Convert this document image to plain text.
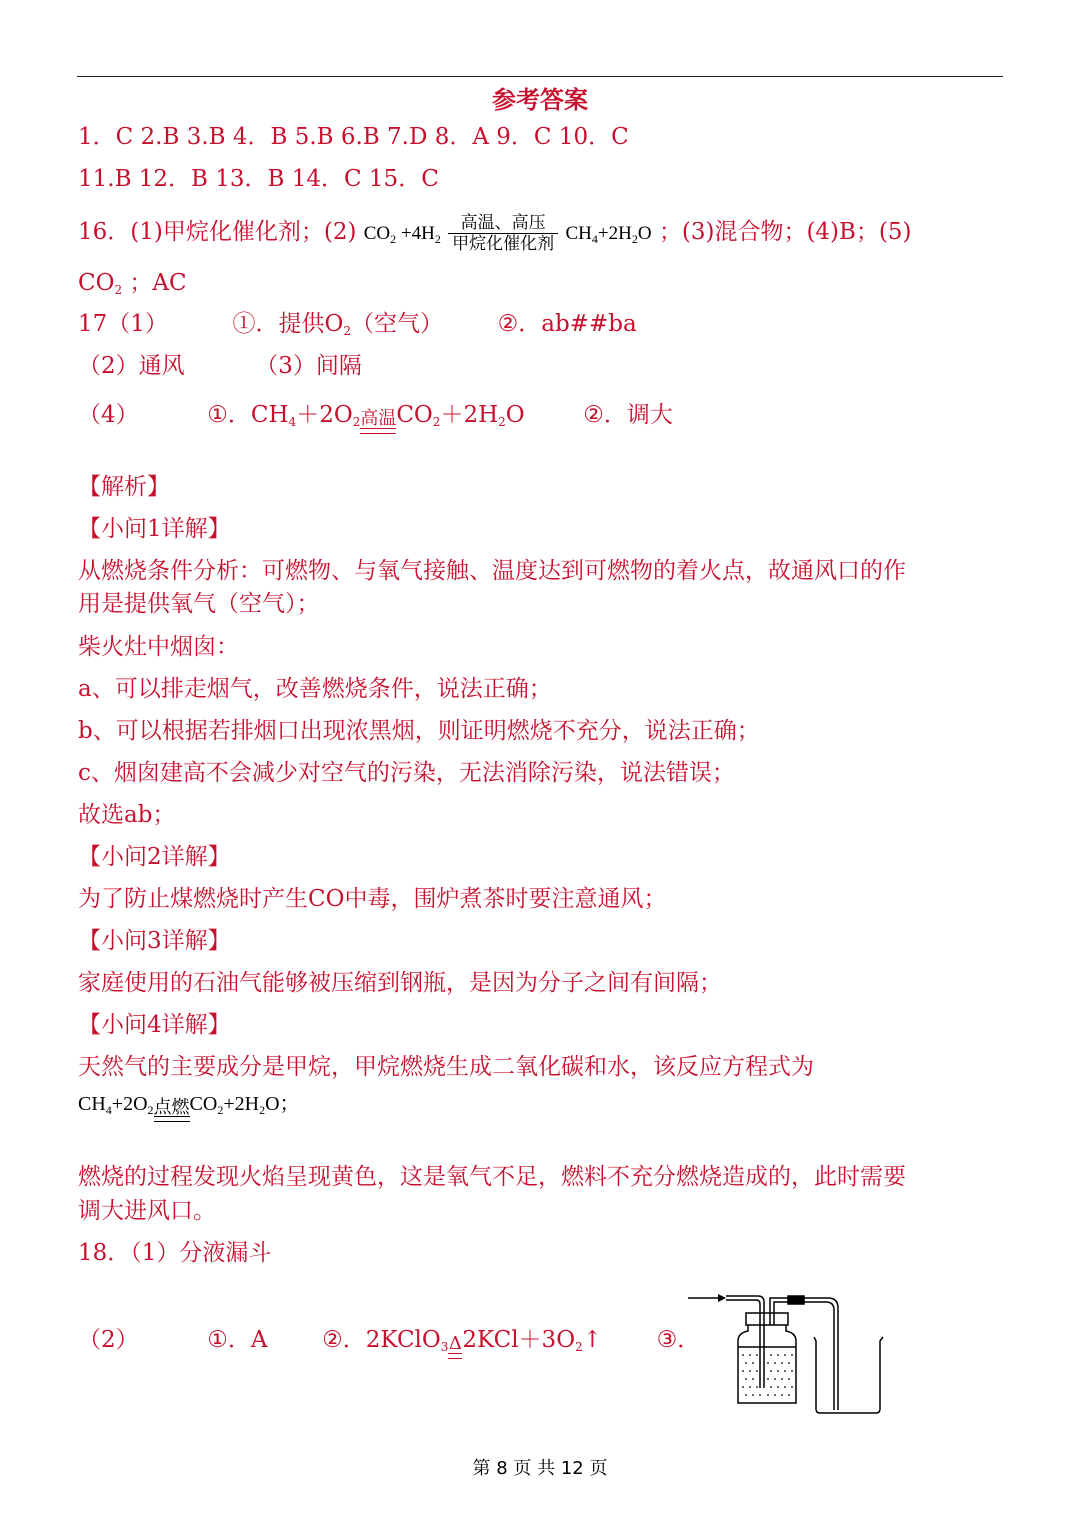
参考答案
1．C 2.B 3.B 4．B 5.B 6.B 7.D 8．A 9．C 10．C
11.B 12．B 13．B 14．C 15．C
16．(1)甲烷化催化剂；(2) $CO_2 +4H_2 \frac{\text{高温、高压}}{\text{甲烷化催化剂}} CH_4+2H_2O$ ；(3)混合物；(4)B；(5)
$CO_2$ ；AC
17（1）	①．提供$O_2$（空气） ②．ab##ba
（2）通风	（3）间隔
（4）	①．$CH_4+2O_2$ 高温 $CO_2+2H_2O$	②．调大
【解析】
【小问1详解】
从燃烧条件分析：可燃物、与氧气接触、温度达到可燃物的着火点，故通风口的作
用是提供氧气（空气）；
柴火灶中烟囱：
a、可以排走烟气，改善燃烧条件，说法正确；
b、可以根据若排烟口出现浓黑烟，则证明燃烧不充分，说法正确；
c、烟囱建高不会减少对空气的污染，无法消除污染，说法错误；
故选ab；
【小问2详解】
为了防止煤燃烧时产生CO中毒，围炉煮茶时要注意通风；
【小问3详解】
家庭使用的石油气能够被压缩到钢瓶，是因为分子之间有间隔；
【小问4详解】
天然气的主要成分是甲烷，甲烷燃烧生成二氧化碳和水，该反应方程式为
$CH_4+2O_2$ 点燃 $CO_2+2H_2O$；
燃烧的过程发现火焰呈现黄色，这是氧气不足，燃料不充分燃烧造成的，此时需要
调大进风口。
18．（1）分液漏斗
（2）	①．A ②．2KClO$_3$ Δ $2KCl+3O_2↑$ ③．
第 8 页 共 12 页
